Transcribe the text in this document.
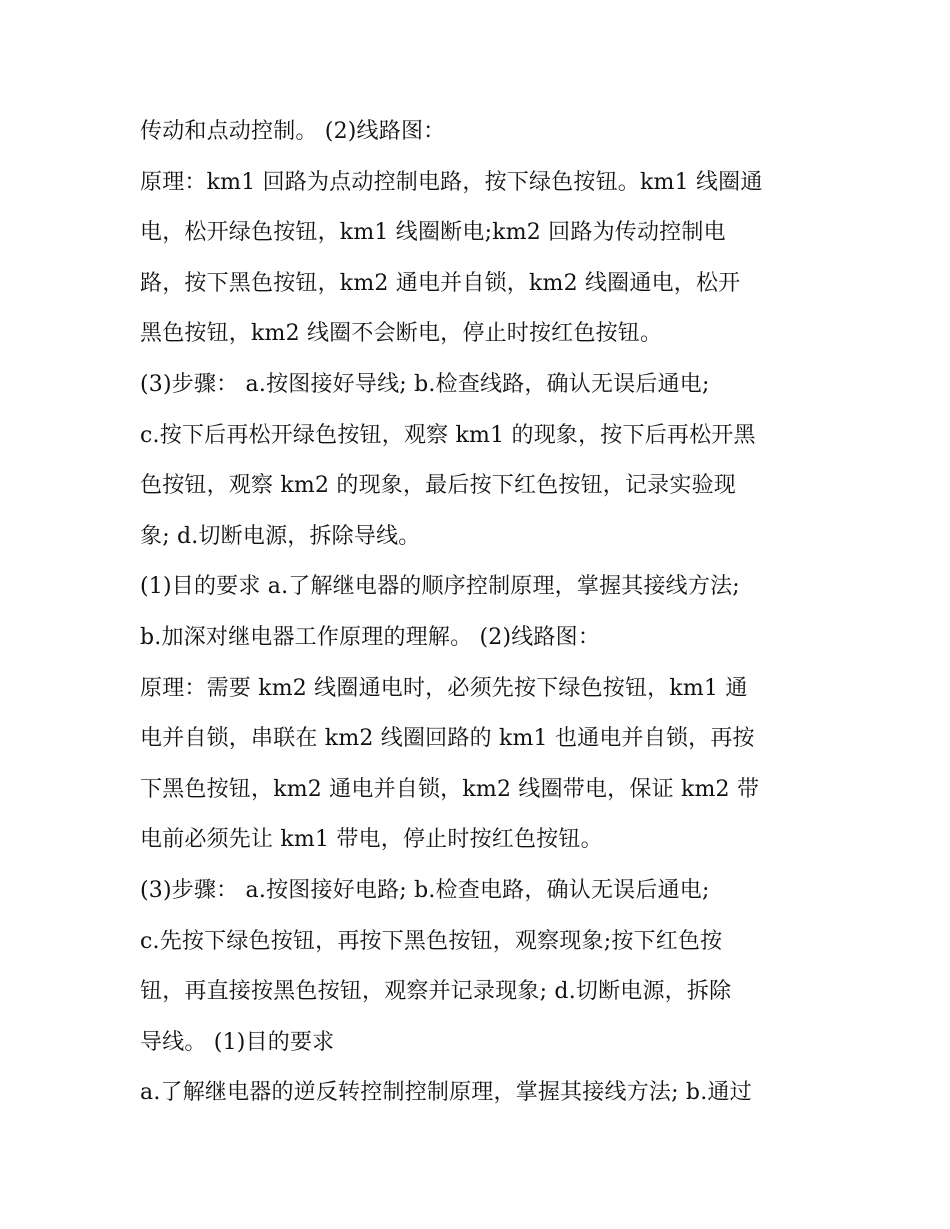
传动和点动控制。 (2)线路图：
原理：km1 回路为点动控制电路，按下绿色按钮。km1 线圈通
电，松开绿色按钮，km1 线圈断电;km2 回路为传动控制电
路，按下黑色按钮，km2 通电并自锁，km2 线圈通电，松开
黑色按钮，km2 线圈不会断电，停止时按红色按钮。
(3)步骤： a.按图接好导线; b.检查线路，确认无误后通电;
c.按下后再松开绿色按钮，观察 km1 的现象，按下后再松开黑
色按钮，观察 km2 的现象，最后按下红色按钮，记录实验现
象; d.切断电源，拆除导线。
(1)目的要求 a.了解继电器的顺序控制原理，掌握其接线方法;
b.加深对继电器工作原理的理解。 (2)线路图：
原理：需要 km2 线圈通电时，必须先按下绿色按钮，km1 通
电并自锁，串联在 km2 线圈回路的 km1 也通电并自锁，再按
下黑色按钮，km2 通电并自锁，km2 线圈带电，保证 km2 带
电前必须先让 km1 带电，停止时按红色按钮。
(3)步骤： a.按图接好电路; b.检查电路，确认无误后通电;
c.先按下绿色按钮，再按下黑色按钮，观察现象;按下红色按
钮，再直接按黑色按钮，观察并记录现象; d.切断电源，拆除
导线。 (1)目的要求
a.了解继电器的逆反转控制控制原理，掌握其接线方法; b.通过
